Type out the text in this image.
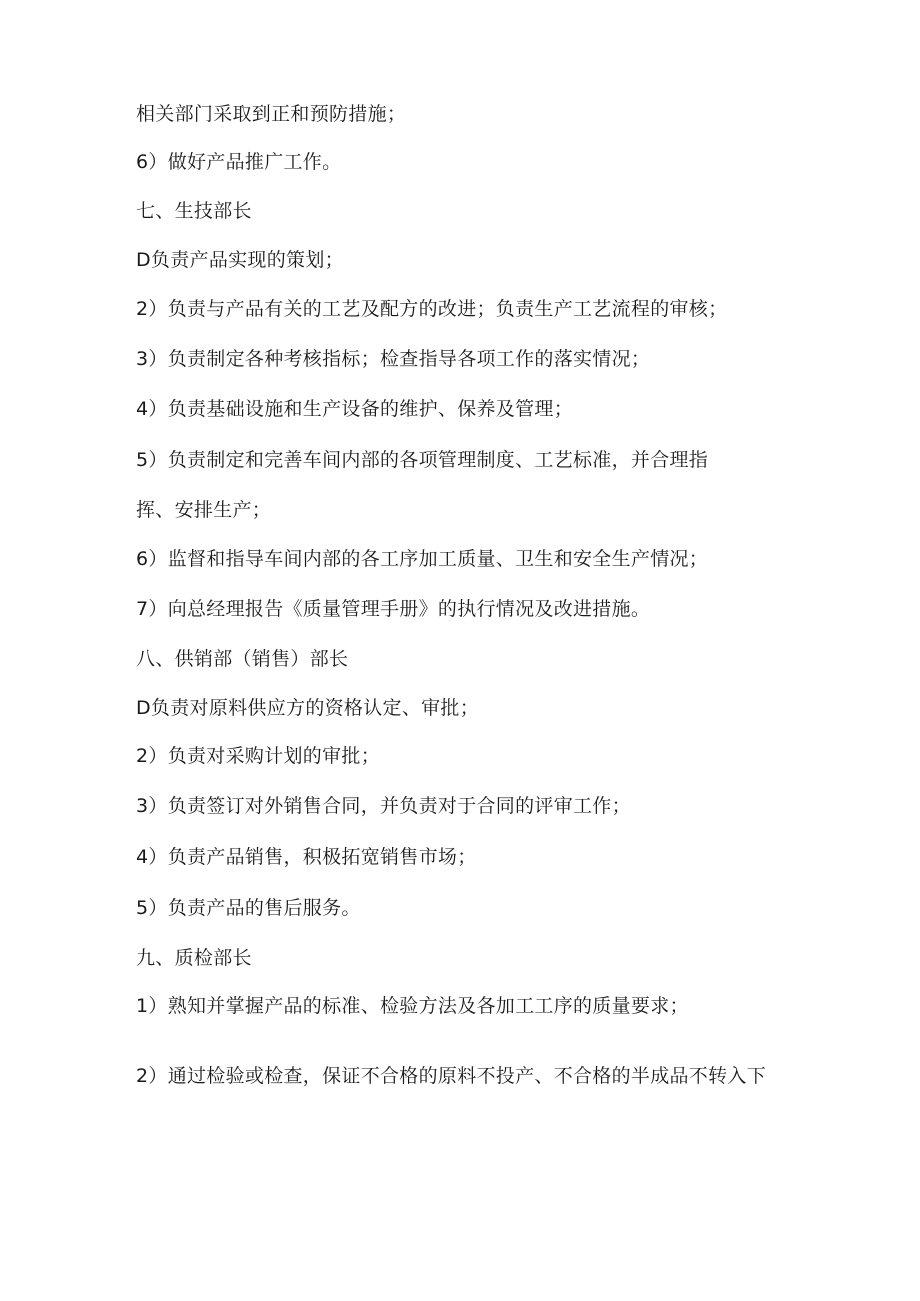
相关部门采取到正和预防措施；
6）做好产品推广工作。
七、生技部长
D负责产品实现的策划；
2）负责与产品有关的工艺及配方的改进；负责生产工艺流程的审核；
3）负责制定各种考核指标；检查指导各项工作的落实情况；
4）负责基础设施和生产设备的维护、保养及管理；
5）负责制定和完善车间内部的各项管理制度、工艺标准，并合理指
挥、安排生产；
6）监督和指导车间内部的各工序加工质量、卫生和安全生产情况；
7）向总经理报告《质量管理手册》的执行情况及改进措施。
八、供销部（销售）部长
D负责对原料供应方的资格认定、审批；
2）负责对采购计划的审批；
3）负责签订对外销售合同，并负责对于合同的评审工作；
4）负责产品销售，积极拓宽销售市场；
5）负责产品的售后服务。
九、质检部长
1）熟知并掌握产品的标准、检验方法及各加工工序的质量要求；
2）通过检验或检查，保证不合格的原料不投产、不合格的半成品不转入下
